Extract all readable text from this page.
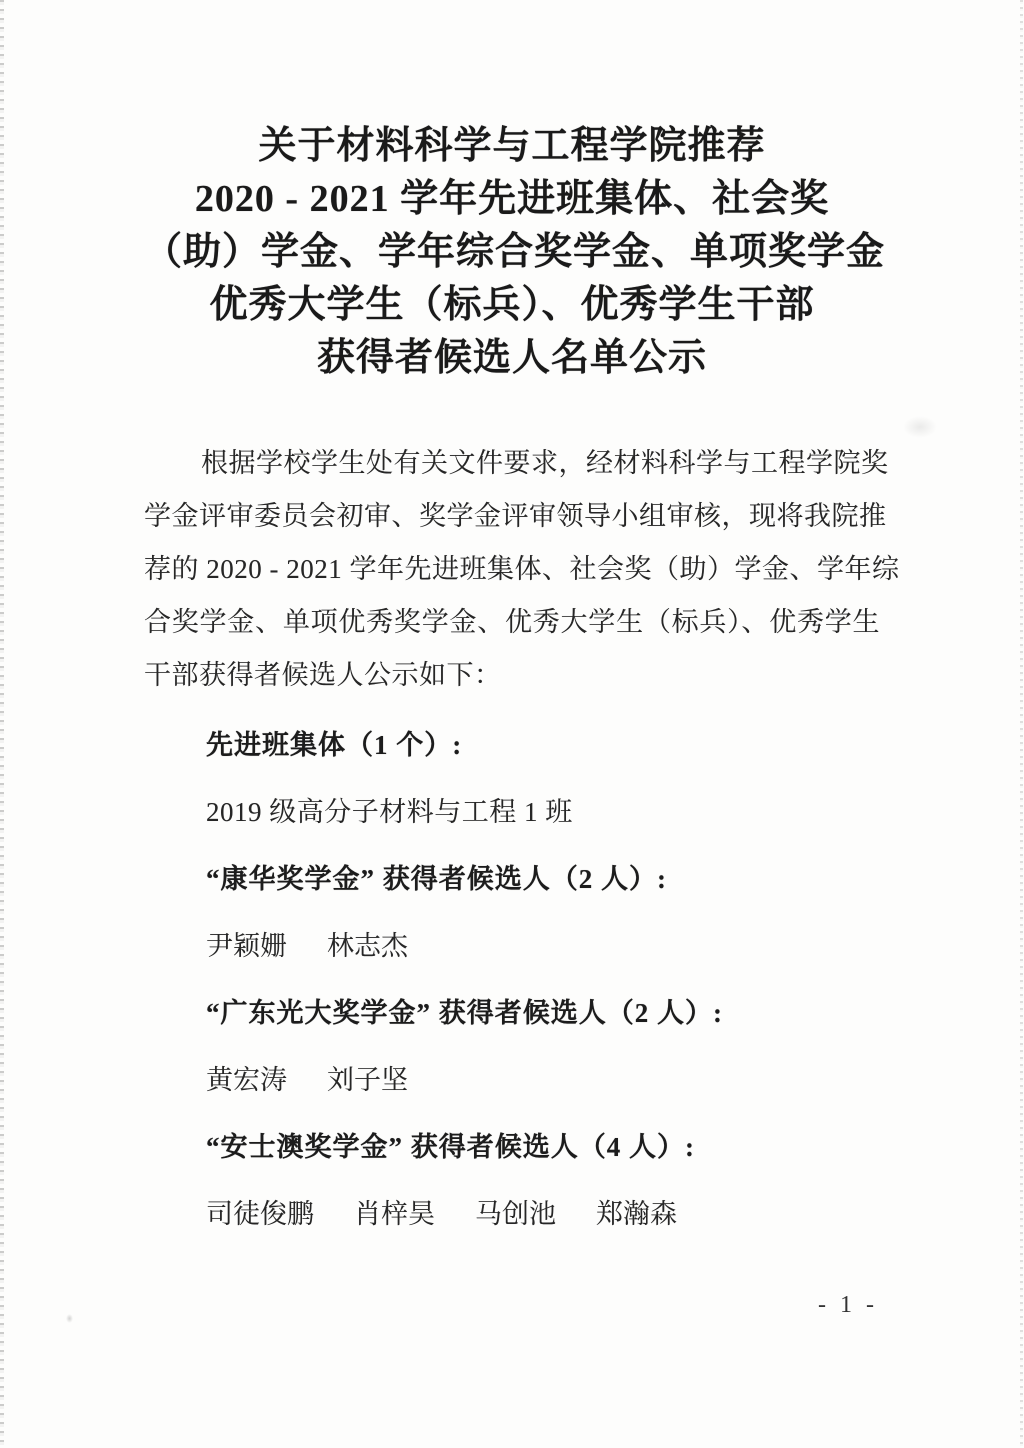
关于材料科学与工程学院推荐
2020 - 2021 学年先进班集体、社会奖
（助）学金、学年综合奖学金、单项奖学金
优秀大学生（标兵）、优秀学生干部
获得者候选人名单公示
根据学校学生处有关文件要求，经材料科学与工程学院奖
学金评审委员会初审、奖学金评审领导小组审核，现将我院推
荐的 2020 - 2021 学年先进班集体、社会奖（助）学金、学年综
合奖学金、单项优秀奖学金、优秀大学生（标兵）、优秀学生
干部获得者候选人公示如下：
先进班集体（1 个）:
2019 级高分子材料与工程 1 班
“康华奖学金” 获得者候选人（2 人）:
尹颖姗 林志杰
“广东光大奖学金” 获得者候选人（2 人）:
黄宏涛 刘子坚
“安士澳奖学金” 获得者候选人（4 人）:
司徒俊鹏 肖梓昊 马创池 郑瀚森
- 1 -
